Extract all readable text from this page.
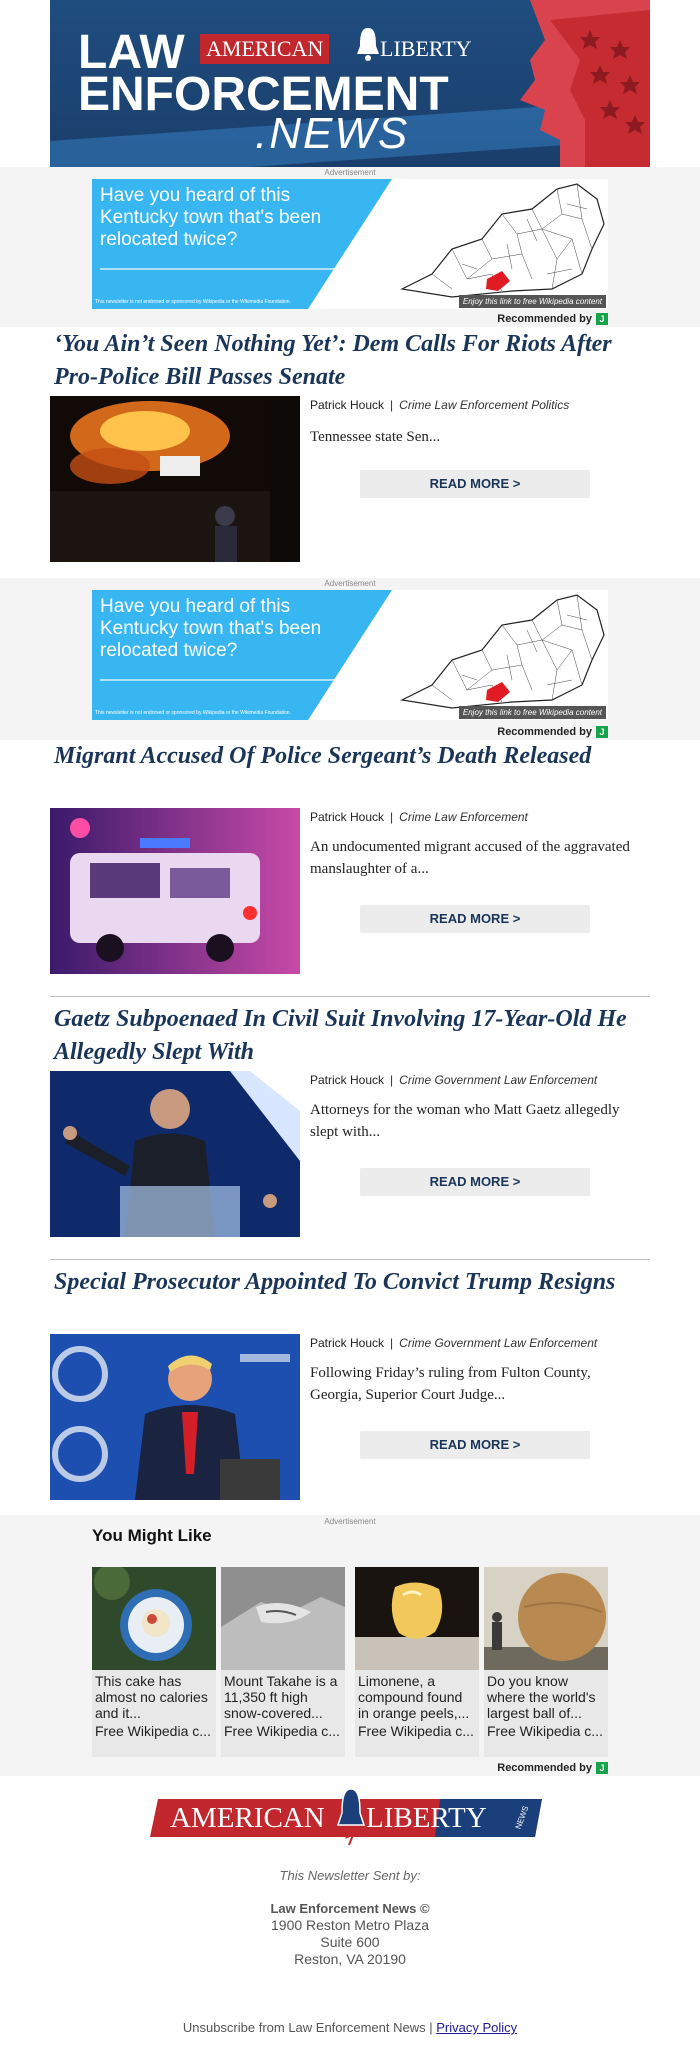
AMERICAN	LIBERTY
LAW
ENFORCEMENT
.NEWS
Advertisement
Have you heard of this Kentucky town that's been relocated twice?
This newsletter is not endorsed or sponsored by Wikipedia or the Wikimedia Foundation.	Enjoy this link to free Wikipedia content
Recommended by J
‘You Ain’t Seen Nothing Yet’: Dem Calls For Riots After Pro-Police Bill Passes Senate
Patrick Houck | Crime Law Enforcement Politics
Tennessee state Sen...
READ MORE >
Advertisement
Have you heard of this Kentucky town that's been relocated twice?
This newsletter is not endorsed or sponsored by Wikipedia or the Wikimedia Foundation.	Enjoy this link to free Wikipedia content
Recommended by J
Migrant Accused Of Police Sergeant’s Death Released
Patrick Houck | Crime Law Enforcement
An undocumented migrant accused of the aggravated manslaughter of a...
READ MORE >
Gaetz Subpoenaed In Civil Suit Involving 17-Year-Old He Allegedly Slept With
Patrick Houck | Crime Government Law Enforcement
Attorneys for the woman who Matt Gaetz allegedly slept with...
READ MORE >
Special Prosecutor Appointed To Convict Trump Resigns
Patrick Houck | Crime Government Law Enforcement
Following Friday’s ruling from Fulton County, Georgia, Superior Court Judge...
READ MORE >
Advertisement
You Might Like
This cake has almost no calories and it...
Free Wikipedia c...
Mount Takahe is a 11,350 ft high snow-covered...
Free Wikipedia c...
Limonene, a compound found in orange peels,...
Free Wikipedia c...
Do you know where the world's largest ball of...
Free Wikipedia c...
Recommended by J
AMERICAN LIBERTY	NEWS
This Newsletter Sent by:
Law Enforcement News ©
1900 Reston Metro Plaza
Suite 600
Reston, VA 20190
Unsubscribe from Law Enforcement News | Privacy Policy
